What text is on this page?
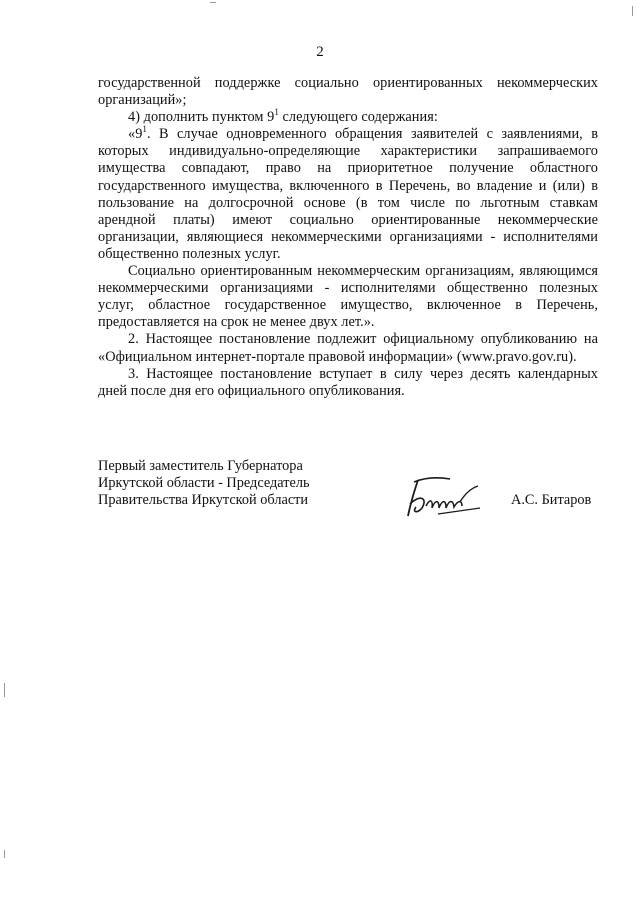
2

государственной поддержке социально ориентированных некоммерческих организаций»;

4) дополнить пунктом $9^1$ следующего содержания:

«$9^1$. В случае одновременного обращения заявителей с заявлениями, в которых индивидуально-определяющие характеристики запрашиваемого имущества совпадают, право на приоритетное получение областного государственного имущества, включенного в Перечень, во владение и (или) в пользование на долгосрочной основе (в том числе по льготным ставкам арендной платы) имеют социально ориентированные некоммерческие организации, являющиеся некоммерческими организациями - исполнителями общественно полезных услуг.

Социально ориентированным некоммерческим организациям, являющимся некоммерческими организациями - исполнителями общественно полезных услуг, областное государственное имущество, включенное в Перечень, предоставляется на срок не менее двух лет.».

2. Настоящее постановление подлежит официальному опубликованию на «Официальном интернет-портале правовой информации» (www.pravo.gov.ru).

3. Настоящее постановление вступает в силу через десять календарных дней после дня его официального опубликования.

Первый заместитель Губернатора
Иркутской области - Председатель
Правительства Иркутской области	А.С. Битаров
